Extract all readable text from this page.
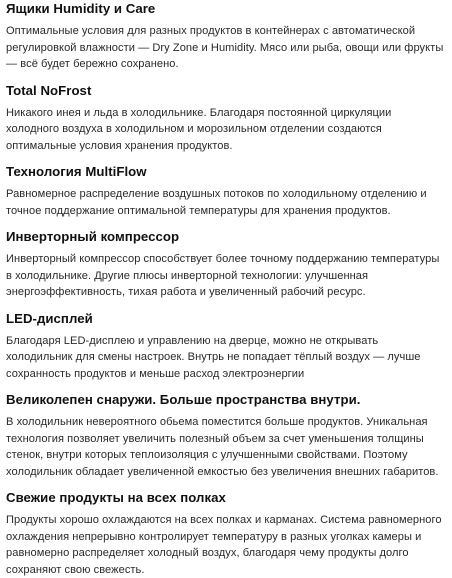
Ящики Humidity и Care

Оптимальные условия для разных продуктов в контейнерах с автоматической регулировкой влажности — Dry Zone и Humidity. Мясо или рыба, овощи или фрукты — всё будет бережно сохранено.

Total NoFrost

Никакого инея и льда в холодильнике. Благодаря постоянной циркуляции холодного воздуха в холодильном и морозильном отделении создаются оптимальные условия хранения продуктов.

Технология MultiFlow

Равномерное распределение воздушных потоков по холодильному отделению и точное поддержание оптимальной температуры для хранения продуктов.

Инверторный компрессор

Инверторный компрессор способствует более точному поддержанию температуры в холодильнике. Другие плюсы инверторной технологии: улучшенная энергоэффективность, тихая работа и увеличенный рабочий ресурс.

LED-дисплей

Благодаря LED-дисплею и управлению на дверце, можно не открывать холодильник для смены настроек. Внутрь не попадает тёплый воздух — лучше сохранность продуктов и меньше расход электроэнергии

Великолепен снаружи. Больше пространства внутри.

В холодильник невероятного обьема поместится больше продуктов. Уникальная технология позволяет увеличить полезный объем за счет уменьшения толщины стенок, внутри которых теплоизоляция с улучшенными свойствами. Поэтому холодильник обладает увеличенной емкостью без увеличения внешних габаритов.

Свежие продукты на всех полках

Продукты хорошо охлаждаются на всех полках и карманах. Система равномерного охлаждения непрерывно контролирует температуру в разных уголках камеры и равномерно распределяет холодный воздух, благодаря чему продукты долго сохраняют свою свежесть.
